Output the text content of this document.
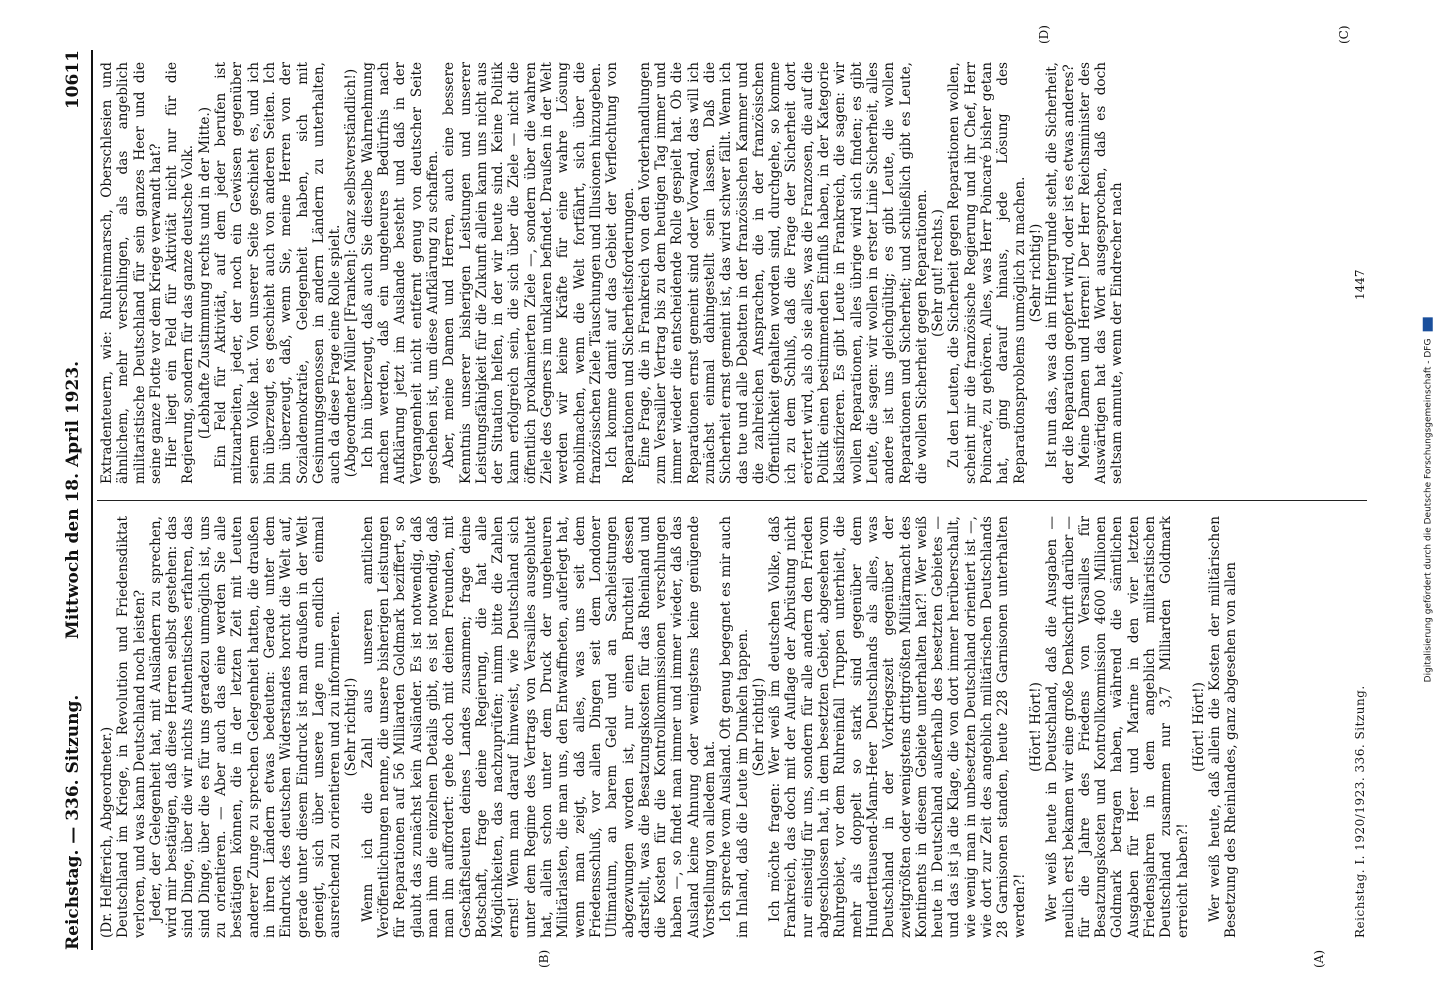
Reichstag. — 336. Sitzung.
Mittwoch den 18. April 1923.
10611

(Dr. Helfferich, Abgeordneter.) Deutschland im Kriege, in Revolution und Friedensdiktat verloren, und was kann Deutschland noch leisten? Jeder, der Gelegenheit hat, mit Ausländern zu sprechen, wird mir bestätigen, daß diese Herren selbst gestehen: das sind Dinge, über die wir nichts Authentisches erfahren, das sind Dinge, über die es für uns geradezu unmöglich ist, uns zu orientieren. — Aber auch das eine werden Sie alle bestätigen können, die in der letzten Zeit mit Leuten anderer Zunge zu sprechen Gelegenheit hatten, die draußen in ihren Ländern etwas bedeuten: Gerade unter dem Eindruck des deutschen Widerstandes horcht die Welt auf, gerade unter diesem Eindruck ist man draußen in der Welt geneigt, sich über unsere Lage nun endlich einmal ausreichend zu orientieren und zu informieren. (Sehr richtig!) Wenn ich die Zahl aus unseren amtlichen Veröffentlichungen nenne, die unsere bisherigen Leistungen für Reparationen auf 56 Milliarden Goldmark beziffert, so glaubt das zunächst kein Ausländer. Es ist notwendig, daß man ihm die einzelnen Details gibt, es ist notwendig, daß man ihn auffordert: gehe doch mit deinen Freunden, mit Geschäftsleuten deines Landes zusammen; frage deine Botschaft, frage deine Regierung, die hat alle Möglichkeiten, das nachzuprüfen; nimm bitte die Zahlen ernst! Wenn man darauf hinweist, wie Deutschland sich unter dem Regime des Vertrags von Versailles ausgeblutet hat, allein schon unter dem Druck der ungeheuren Militärlasten, die man uns, den Entwaffneten, auferlegt hat, wenn man zeigt, daß alles, was uns seit dem Friedensschluß, vor allen Dingen seit dem Londoner Ultimatum, an barem Geld und an Sachleistungen abgezwungen worden ist, nur einen Bruchteil dessen darstellt, was die Besatzungskosten für das Rheinland und die Kosten für die Kontrollkommissionen verschlungen haben —, so findet man immer und immer wieder, daß das Ausland keine Ahnung oder wenigstens keine genügende Vorstellung von alledem hat. Ich spreche vom Ausland. Oft genug begegnet es mir auch im Inland, daß die Leute im Dunkeln tappen. (Sehr richtig!) Ich möchte fragen: Wer weiß im deutschen Volke, daß Frankreich, das doch mit der Auflage der Abrüstung nicht nur einseitig für uns, sondern für alle andern den Frieden abgeschlossen hat, in dem besetzten Gebiet, abgesehen vom Ruhrgebiet, vor dem Ruhreinfall Truppen unterhielt, die mehr als doppelt so stark sind gegenüber dem Hunderttausend-Mann-Heer Deutschlands als alles, was Deutschland in der Vorkriegszeit gegenüber der zweitgrößten oder wenigstens drittgrößten Militärmacht des Kontinents in diesem Gebiete unterhalten hat?! Wer weiß heute in Deutschland außerhalb des besetzten Gebietes — und das ist ja die Klage, die von dort immer herüberschallt, wie wenig man in unbesetzten Deutschland orientiert ist —, wie dort zur Zeit des angeblich militärischen Deutschlands 28 Garnisonen standen, heute 228 Garnisonen unterhalten werden?!

(Hört! Hört!) Wer weiß heute in Deutschland, daß die Ausgaben — neulich erst bekamen wir eine große Denkschrift darüber — für die Jahre des Friedens von Versailles für Besatzungskosten und Kontrollkommission 4600 Millionen Goldmark betragen haben, während die sämtlichen Ausgaben für Heer und Marine in den vier letzten Friedensjahren in dem angeblich militaristischen Deutschland zusammen nur 3,7 Milliarden Goldmark erreicht haben?!

(Hört! Hört!) Wer weiß heute, daß allein die Kosten der militärischen Besetzung des Rheinlandes, ganz abgesehen von allen

Extradenteuern, wie: Ruhreinmarsch, Oberschlesien und ähnlichem, mehr verschlingen, als das angeblich militaristische Deutschland für sein ganzes Heer und die seine ganze Flotte vor dem Kriege verwandt hat? Hier liegt ein Feld für Aktivität nicht nur für die Regierung, sondern für das ganze deutsche Volk. (Lebhafte Zustimmung rechts und in der Mitte.) Ein Feld für Aktivität, auf dem jeder berufen ist mitzuarbeiten, jeder, der noch ein Gewissen gegenüber seinem Volke hat. Von unserer Seite geschieht es, und ich bin überzeugt, es geschieht auch von anderen Seiten. Ich bin überzeugt, daß, wenn Sie, meine Herren von der Sozialdemokratie, Gelegenheit haben, sich mit Gesinnungsgenossen in andern Ländern zu unterhalten, auch da diese Frage eine Rolle spielt. (Abgeordneter Müller [Franken]: Ganz selbstverständlich!) Ich bin überzeugt, daß auch Sie dieselbe Wahrnehmung machen werden, daß ein ungeheures Bedürfnis nach Aufklärung jetzt im Auslande besteht und daß in der Vergangenheit nicht entfernt genug von deutscher Seite geschehen ist, um diese Aufklärung zu schaffen. Aber, meine Damen und Herren, auch eine bessere Kenntnis unserer bisherigen Leistungen und unserer Leistungsfähigkeit für die Zukunft allein kann uns nicht aus der Situation helfen, in der wir heute sind. Keine Politik kann erfolgreich sein, die sich über die Ziele — nicht die öffentlich proklamierten Ziele —, sondern über die wahren Ziele des Gegners im unklaren befindet. Draußen in der Welt werden wir keine Kräfte für eine wahre Lösung mobilmachen, wenn die Welt fortfährt, sich über die französischen Ziele Täuschungen und Illusionen hinzugeben. Ich komme damit auf das Gebiet der Verflechtung von Reparationen und Sicherheitsforderungen. Eine Frage, die in Frankreich von den Vorderhandlungen zum Versailler Vertrag bis zu dem heutigen Tag immer und immer wieder die entscheidende Rolle gespielt hat. Ob die Reparationen ernst gemeint sind oder Vorwand, das will ich zunächst einmal dahingestellt sein lassen. Daß die Sicherheit ernst gemeint ist, das wird schwer fällt. Wenn ich das tue und alle Debatten in der französischen Kammer und die zahlreichen Ansprachen, die in der französischen Öffentlichkeit gehalten worden sind, durchgehe, so komme ich zu dem Schluß, daß die Frage der Sicherheit dort erörtert wird, als ob sie alles, was die Franzosen, die auf die Politik einen bestimmenden Einfluß haben, in der Kategorie klassifizieren. Es gibt Leute in Frankreich, die sagen: wir wollen Reparationen, alles übrige wird sich finden; es gibt Leute, die sagen: wir wollen in erster Linie Sicherheit, alles andere ist uns gleichgültig; es gibt Leute, die wollen Reparationen und Sicherheit; und schließlich gibt es Leute, die wollen Sicherheit gegen Reparationen. (Sehr gut! rechts.) Zu den Leuten, die Sicherheit gegen Reparationen wollen, scheint mir die französische Regierung und ihr Chef, Herr Poincaré, zu gehören. Alles, was Herr Poincaré bisher getan hat, ging darauf hinaus, jede Lösung des Reparationsproblems unmöglich zu machen. (Sehr richtig!) Ist nun das, was da im Hintergrunde steht, die Sicherheit, der die Reparation geopfert wird, oder ist es etwas anderes? Meine Damen und Herren! Der Herr Reichsminister des Auswärtigen hat das Wort ausgesprochen, daß es doch seltsam anmute, wenn der Eindrecher nach

(A)
(B)
(C)
(D)
Reichstag. I. 1920/1923. 336. Sitzung.
1447
Digitalisierung gefördert durch die Deutsche Forschungsgemeinschaft - DFG
